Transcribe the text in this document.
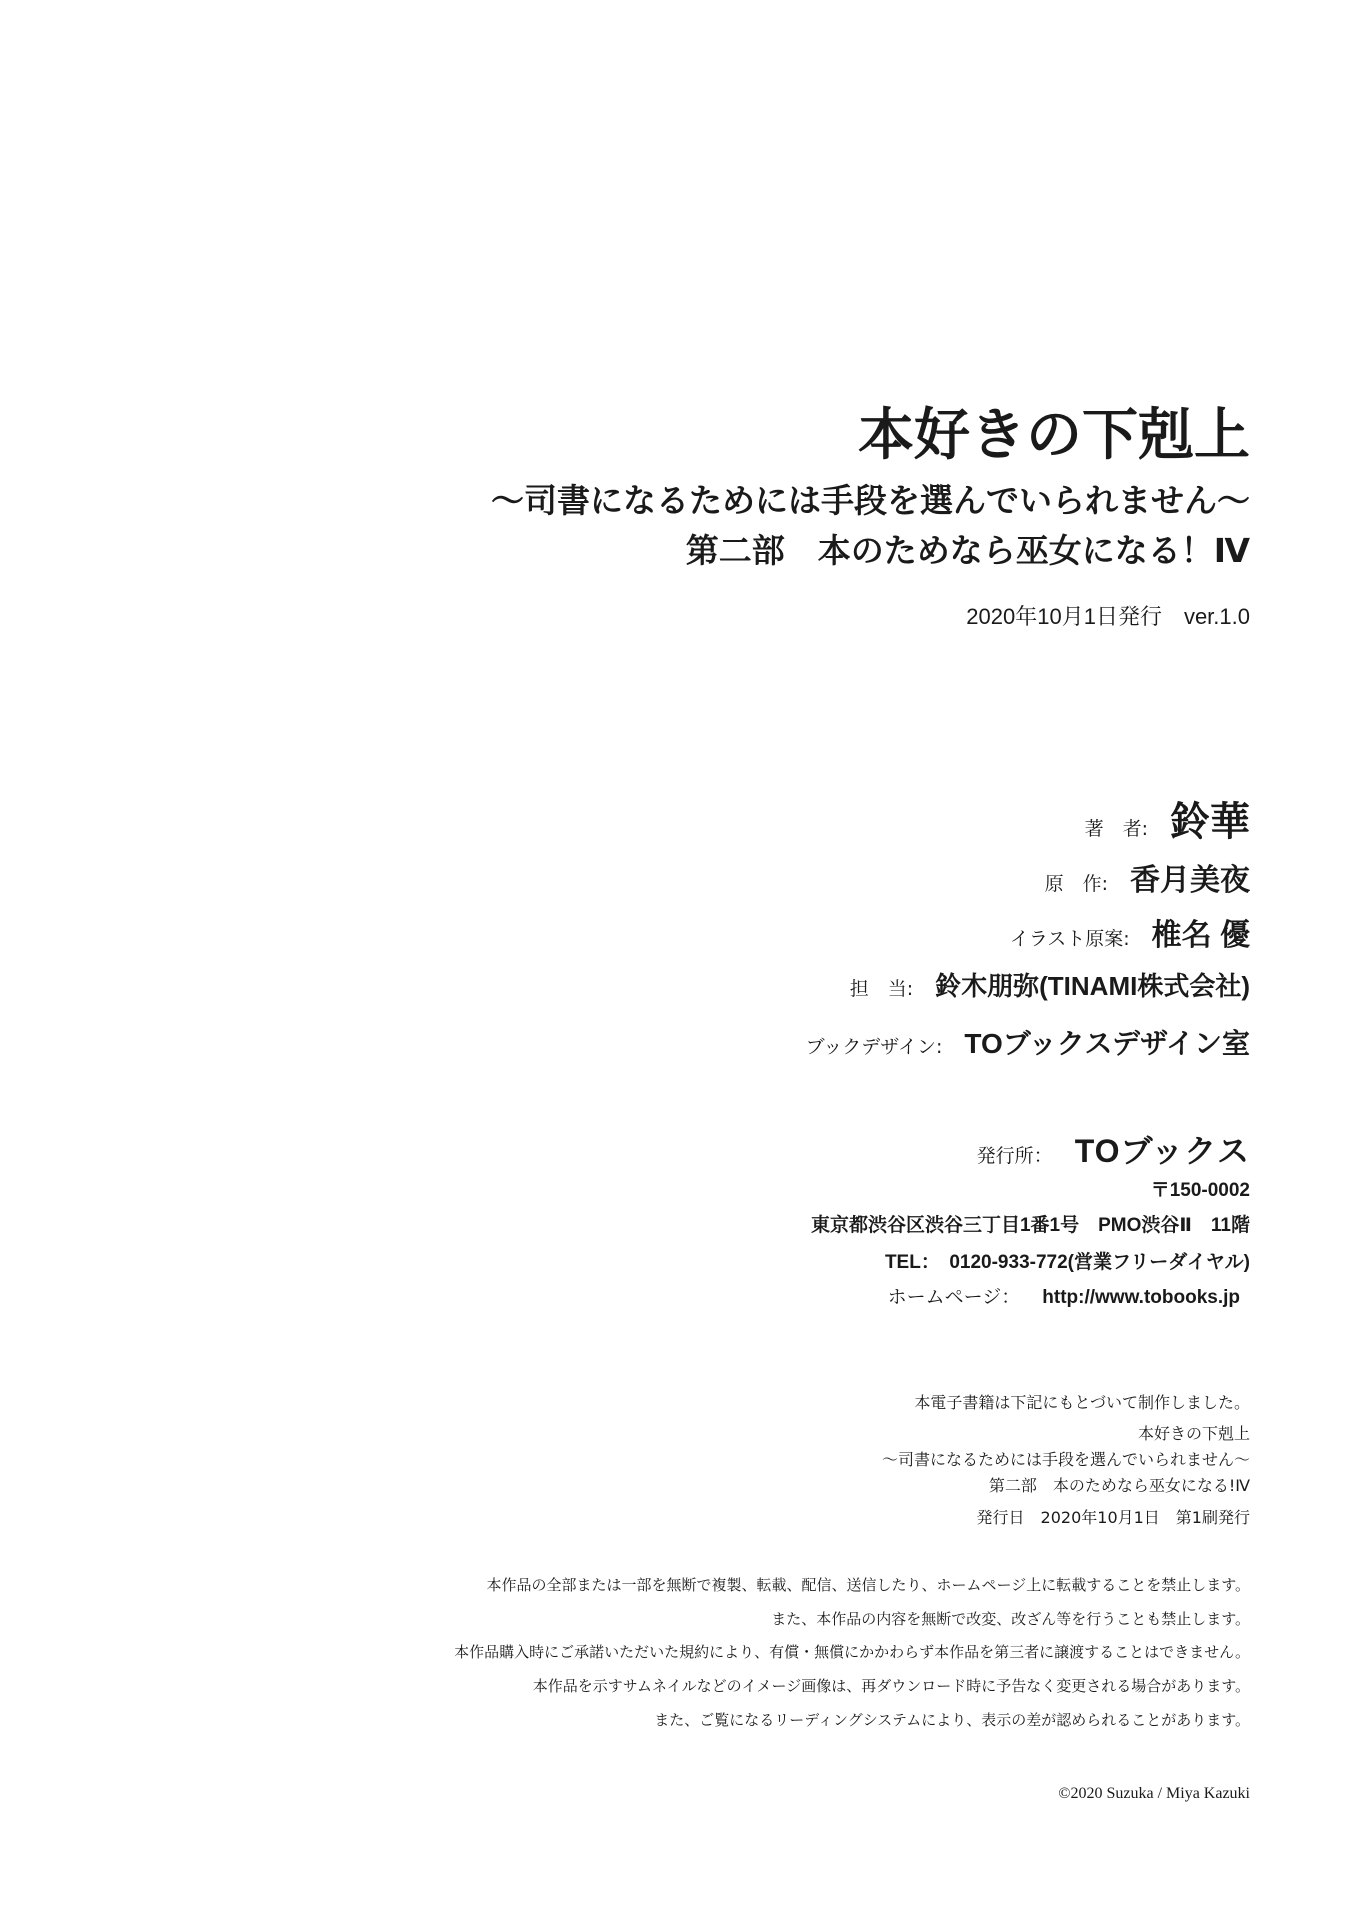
本好きの下剋上
～司書になるためには手段を選んでいられません～
第二部　本のためなら巫女になる！Ⅳ
2020年10月1日発行　ver.1.0
著　者: 鈴華
原　作: 香月美夜
イラスト原案: 椎名 優
担　当: 鈴木朋弥(TINAMI株式会社)
ブックデザイン: TOブックスデザイン室
発行所： TOブックス
〒150-0002
東京都渋谷区渋谷三丁目1番1号　PMO渋谷Ⅱ　11階
TEL：　0120-933-772(営業フリーダイヤル)
ホームページ： http://www.tobooks.jp
本電子書籍は下記にもとづいて制作しました。
本好きの下剋上
～司書になるためには手段を選んでいられません～
第二部　本のためなら巫女になる!Ⅳ
発行日　2020年10月1日　第1刷発行
本作品の全部または一部を無断で複製、転載、配信、送信したり、ホームページ上に転載することを禁止します。
また、本作品の内容を無断で改変、改ざん等を行うことも禁止します。
本作品購入時にご承諾いただいた規約により、有償・無償にかかわらず本作品を第三者に譲渡することはできません。
本作品を示すサムネイルなどのイメージ画像は、再ダウンロード時に予告なく変更される場合があります。
また、ご覧になるリーディングシステムにより、表示の差が認められることがあります。
©2020 Suzuka / Miya Kazuki
